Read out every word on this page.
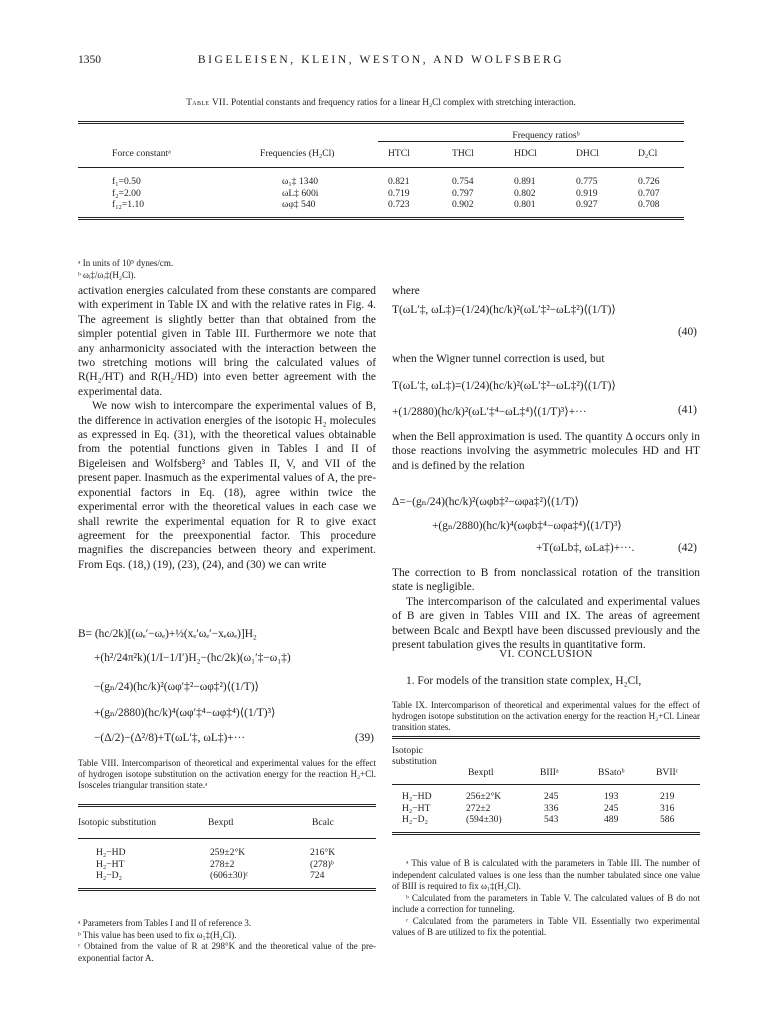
1350	BIGELEISEN, KLEIN, WESTON, AND WOLFSBERG
Table VII. Potential constants and frequency ratios for a linear H₂Cl complex with stretching interaction.

		Frequency ratiosᵇ				

Force constantᵃ	Frequencies (H₂Cl)	HTCl	THCl	HDCl	DHCl	D₂Cl

f₁=0.50	ω₁‡ 1340	0.821	0.754	0.891	0.775	0.726
f₂=2.00	ωL‡ 600i	0.719	0.797	0.802	0.919	0.707
f₁₂=1.10	ωφ‡ 540	0.723	0.902	0.801	0.927	0.708

ᵃ In units of 10⁵ dynes/cm.
ᵇ ωᵢ‡/ωᵢ‡(H₂Cl).

activation energies calculated from these constants are compared with experiment in Table IX and with the relative rates in Fig. 4. The agreement is slightly better than that obtained from the simpler potential given in Table III. Furthermore we note that any anharmonicity associated with the interaction between the two stretching motions will bring the calculated values of R(H₂/HT) and R(H₂/HD) into even better agreement with the experimental data.

We now wish to intercompare the experimental values of B, the difference in activation energies of the isotopic H₂ molecules as expressed in Eq. (31), with the theoretical values obtainable from the potential functions given in Tables I and II of Bigeleisen and Wolfsberg³ and Tables II, V, and VII of the present paper. Inasmuch as the experimental values of A, the pre-exponential factors in Eq. (18), agree within twice the experimental error with the theoretical values in each case we shall rewrite the experimental equation for R to give exact agreement for the preexponential factor. This procedure magnifies the discrepancies between theory and experiment. From Eqs. (18,) (19), (23), (24), and (30) we can write

B= (hc/2k)[(ωₑ′−ωₑ)+½(xₑ′ωₑ′−xₑωₑ)]H₂
+(h²/24π²k)(1/I−1/I′)H₂−(hc/2k)(ω₁′‡−ω₁‡)
−(gₙ/24)(hc/k)²(ωφ′‡²−ωφ‡²)⟨(1/T)⟩
+(gₙ/2880)(hc/k)⁴(ωφ′‡⁴−ωφ‡⁴)⟨(1/T)³⟩
−(Δ/2)−(Δ²/8)+T(ωL′‡, ωL‡)+···	(39)
Table VIII. Intercomparison of theoretical and experimental values for the effect of hydrogen isotope substitution on the activation energy for the reaction H₂+Cl. Isosceles triangular transition state.ᵃ

Isotopic substitution	Bexptl	Bcalc

H₂−HD	259±2°K	216°K
H₂−HT	278±2	(278)ᵇ
H₂−D₂	(606±30)ᶜ	724

ᵃ Parameters from Tables I and II of reference 3.
ᵇ This value has been used to fix ω₁‡(H₂Cl).
ᶜ Obtained from the value of R at 298°K and the theoretical value of the pre-exponential factor A.
where
T(ωL′‡, ωL‡)=(1/24)(hc/k)²(ωL′‡²−ωL‡²)⟨(1/T)⟩
(40)
when the Wigner tunnel correction is used, but
T(ωL′‡, ωL‡)=(1/24)(hc/k)²(ωL′‡²−ωL‡²)⟨(1/T)⟩
+(1/2880)(hc/k)²(ωL′‡⁴−ωL‡⁴)⟨(1/T)³⟩+···	(41)
when the Bell approximation is used. The quantity Δ occurs only in those reactions involving the asymmetric molecules HD and HT and is defined by the relation
Δ=−(gₙ/24)(hc/k)²(ωφb‡²−ωφa‡²)⟨(1/T)⟩
+(gₙ/2880)(hc/k)⁴(ωφb‡⁴−ωφa‡⁴)⟨(1/T)³⟩
+T(ωLb‡, ωLa‡)+···.	(42)

The correction to B from nonclassical rotation of the transition state is negligible.

The intercomparison of the calculated and experimental values of B are given in Tables VIII and IX. The areas of agreement between Bcalc and Bexptl have been discussed previously and the present tabulation gives the results in quantitative form.

VI. CONCLUSION
1. For models of the transition state complex, H₂Cl,
Table IX. Intercomparison of theoretical and experimental values for the effect of hydrogen isotope substitution on the activation energy for the reaction H₂+Cl. Linear transition states.

Isotopic substitution				
	Bexptl	BIIIᵃ	BSatoᵇ	BVIIᶜ

H₂−HD	256±2°K	245	193	219
H₂−HT	272±2	336	245	316
H₂−D₂	(594±30)	543	489	586

ᵃ This value of B is calculated with the parameters in Table III. The number of independent calculated values is one less than the number tabulated since one value of BIII is required to fix ω₁‡(H₂Cl).
ᵇ Calculated from the parameters in Table V. The calculated values of B do not include a correction for tunneling.
ᶜ Calculated from the parameters in Table VII. Essentially two experimental values of B are utilized to fix the potential.
